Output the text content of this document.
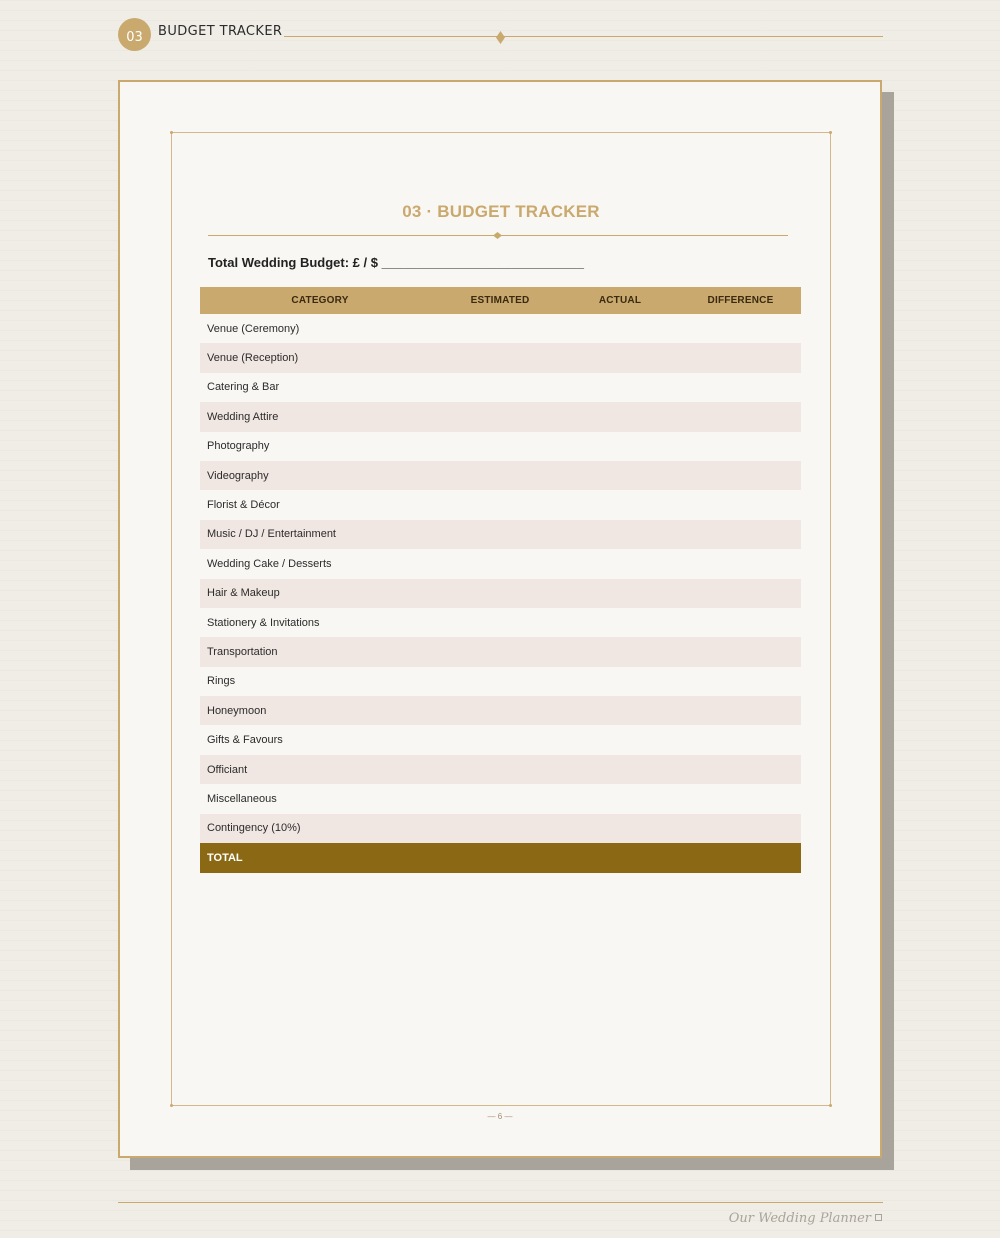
03	BUDGET TRACKER
03 · BUDGET TRACKER
Total Wedding Budget: £ / $ ____________________________
CATEGORY	ESTIMATED	ACTUAL	DIFFERENCE
Venue (Ceremony)			
Venue (Reception)			
Catering & Bar			
Wedding Attire			
Photography			
Videography			
Florist & Décor			
Music / DJ / Entertainment			
Wedding Cake / Desserts			
Hair & Makeup			
Stationery & Invitations			
Transportation			
Rings			
Honeymoon			
Gifts & Favours			
Officiant			
Miscellaneous			
Contingency (10%)			
TOTAL			
— 6 —
Our Wedding Planner
